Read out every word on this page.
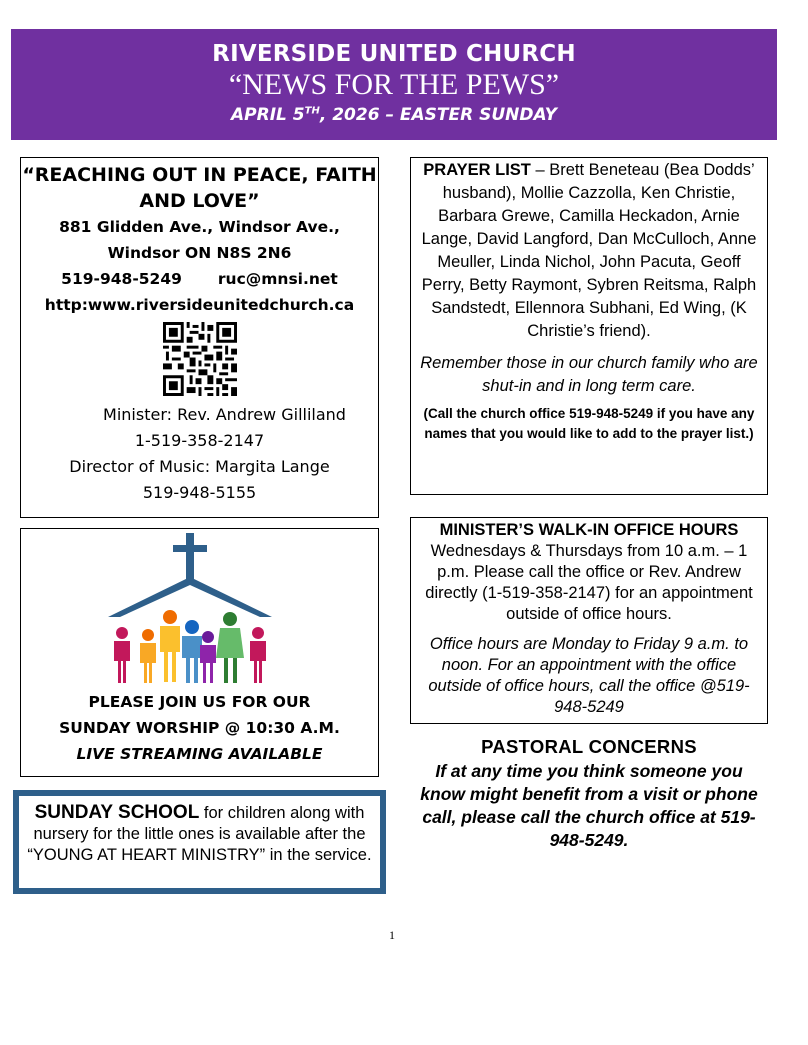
RIVERSIDE UNITED CHURCH
“NEWS FOR THE PEWS”
APRIL 5TH, 2026 – EASTER SUNDAY
“REACHING OUT IN PEACE, FAITH AND LOVE”
881 Glidden Ave., Windsor Ave.,
Windsor ON N8S 2N6
519-948-5249 ruc@mnsi.net
http:www.riversideunitedchurch.ca
Minister: Rev. Andrew Gilliland
1-519-358-2147
Director of Music: Margita Lange
519-948-5155
PRAYER LIST – Brett Beneteau (Bea Dodds’ husband), Mollie Cazzolla, Ken Christie, Barbara Grewe, Camilla Heckadon, Arnie Lange, David Langford, Dan McCulloch, Anne Meuller, Linda Nichol, John Pacuta, Geoff Perry, Betty Raymont, Sybren Reitsma, Ralph Sandstedt, Ellennora Subhani, Ed Wing, (K Christie’s friend).
Remember those in our church family who are shut-in and in long term care.
(Call the church office 519-948-5249 if you have any names that you would like to add to the prayer list.)
PLEASE JOIN US FOR OUR
SUNDAY WORSHIP @ 10:30 A.M.
LIVE STREAMING AVAILABLE
SUNDAY SCHOOL for children along with nursery for the little ones is available after the “YOUNG AT HEART MINISTRY” in the service.
MINISTER’S WALK-IN OFFICE HOURS
Wednesdays & Thursdays from 10 a.m. – 1 p.m. Please call the office or Rev. Andrew directly (1-519-358-2147) for an appointment outside of office hours.
Office hours are Monday to Friday 9 a.m. to noon. For an appointment with the office outside of office hours, call the office @519-948-5249
PASTORAL CONCERNS
If at any time you think someone you know might benefit from a visit or phone call, please call the church office at 519-948-5249.
1
